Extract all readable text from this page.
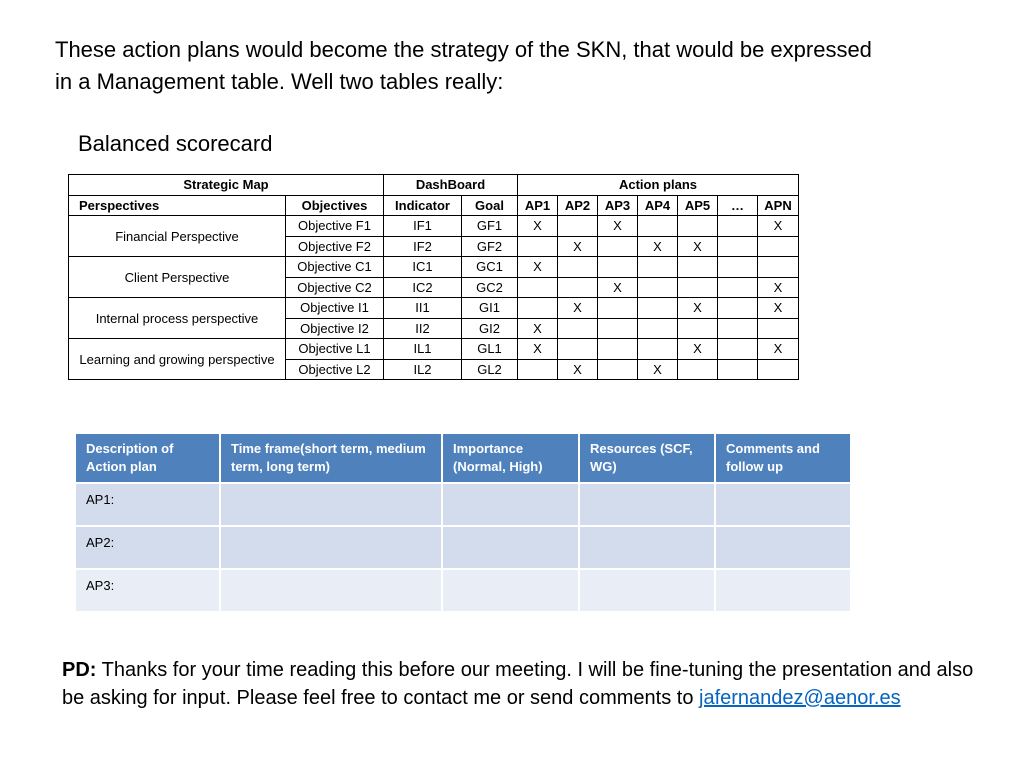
These action plans would become the strategy of the SKN, that would be expressed
in a Management table. Well two tables really:
Balanced scorecard
Strategic Map		DashBoard		Action plans						
Perspectives	Objectives	Indicator	Goal	AP1	AP2	AP3	AP4	AP5	…	APN
Financial Perspective	Objective F1	IF1	GF1	X		X				X
	Objective F2	IF2	GF2		X		X	X		
Client Perspective	Objective C1	IC1	GC1	X						
	Objective C2	IC2	GC2			X				X
Internal process perspective	Objective I1	II1	GI1		X			X		X
	Objective I2	II2	GI2	X						
Learning and growing perspective	Objective L1	IL1	GL1	X				X		X
	Objective L2	IL2	GL2		X		X			
Description of Action plan	Time frame(short term, medium term, long term)	Importance (Normal, High)	Resources (SCF, WG)	Comments and follow up
AP1:				
AP2:				
AP3:				
PD: Thanks for your time reading this before our meeting. I will be fine-tuning the presentation and also be asking for input. Please feel free to contact me or send comments to jafernandez@aenor.es
